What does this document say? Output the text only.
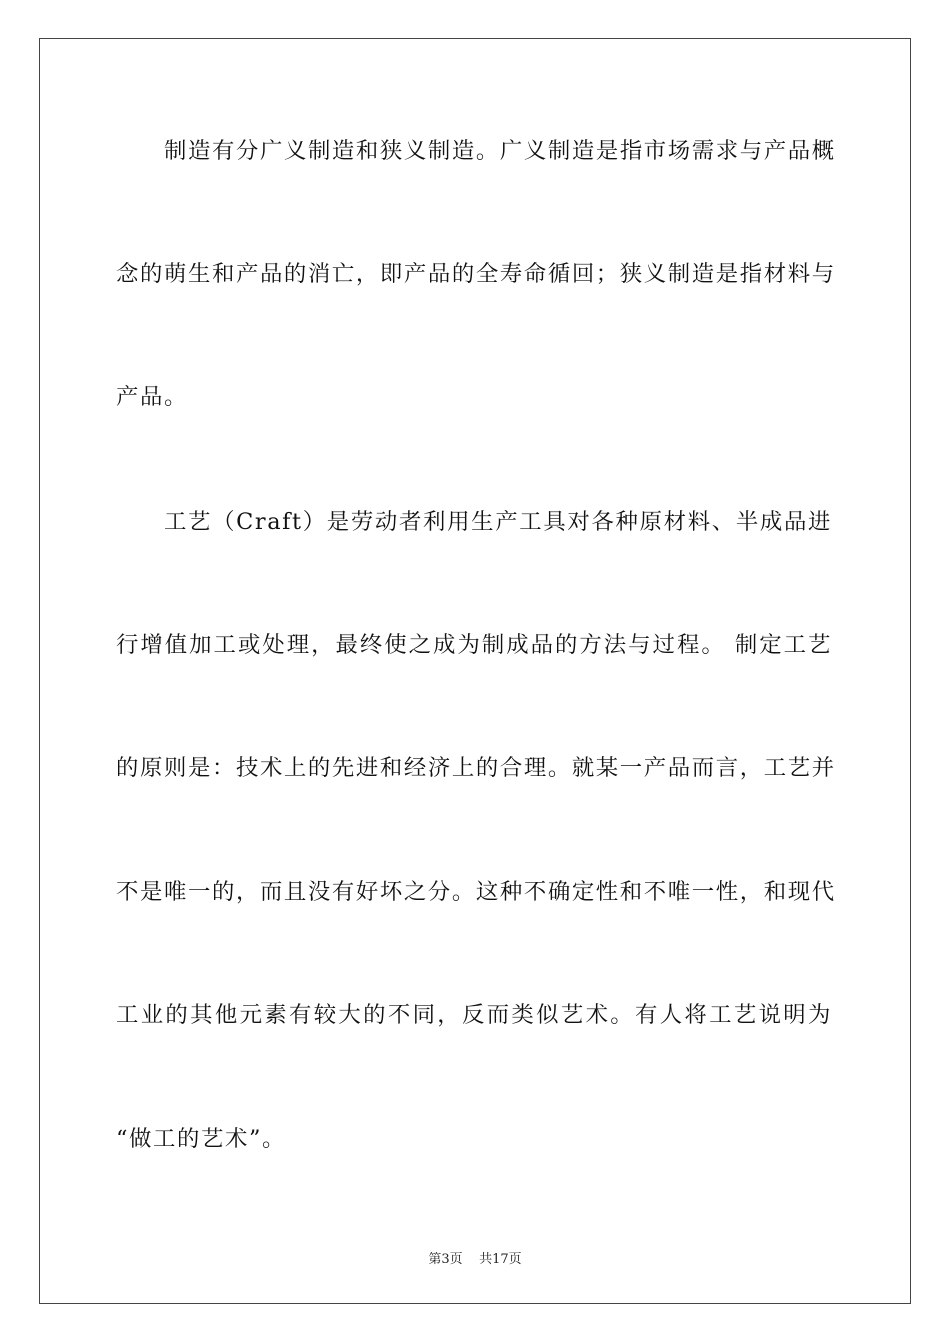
制造有分广义制造和狭义制造。广义制造是指市场需求与产品概
念的萌生和产品的消亡，即产品的全寿命循回；狭义制造是指材料与
产品。
工艺（Craft）是劳动者利用生产工具对各种原材料、半成品进
行增值加工或处理，最终使之成为制成品的方法与过程。 制定工艺
的原则是：技术上的先进和经济上的合理。就某一产品而言，工艺并
不是唯一的，而且没有好坏之分。这种不确定性和不唯一性，和现代
工业的其他元素有较大的不同，反而类似艺术。有人将工艺说明为
“做工的艺术”。
第3页    共17页
